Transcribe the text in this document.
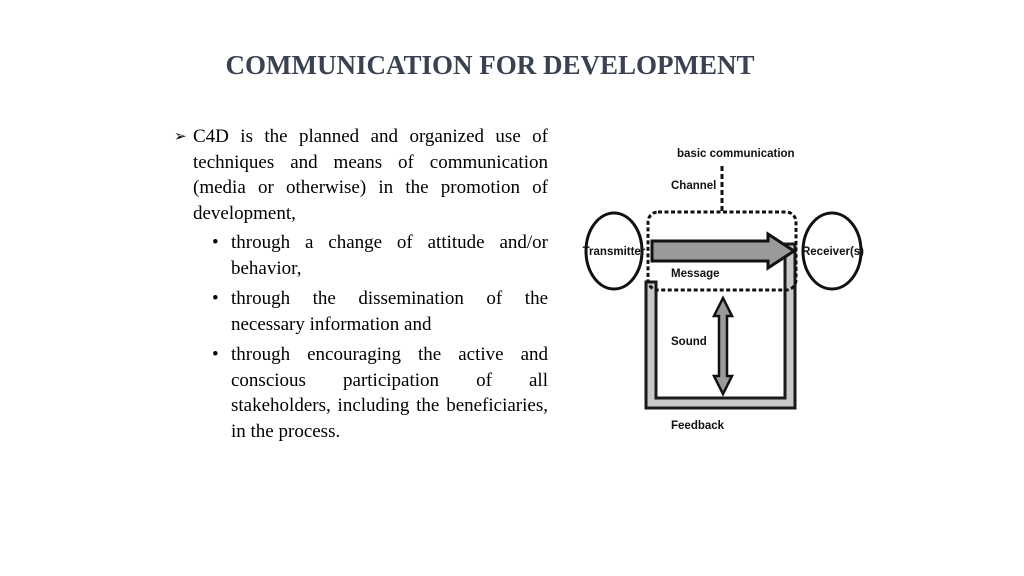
COMMUNICATION FOR DEVELOPMENT
➢ C4D is the planned and organized use of techniques and means of communication (media or otherwise) in the promotion of development,
• through a change of attitude and/or behavior,
• through the dissemination of the necessary information and
• through encouraging the active and conscious participation of all stakeholders, including the beneficiaries, in the process.
basic communication
Channel
Transmitter	Receiver(s)
Message
Sound
Feedback
